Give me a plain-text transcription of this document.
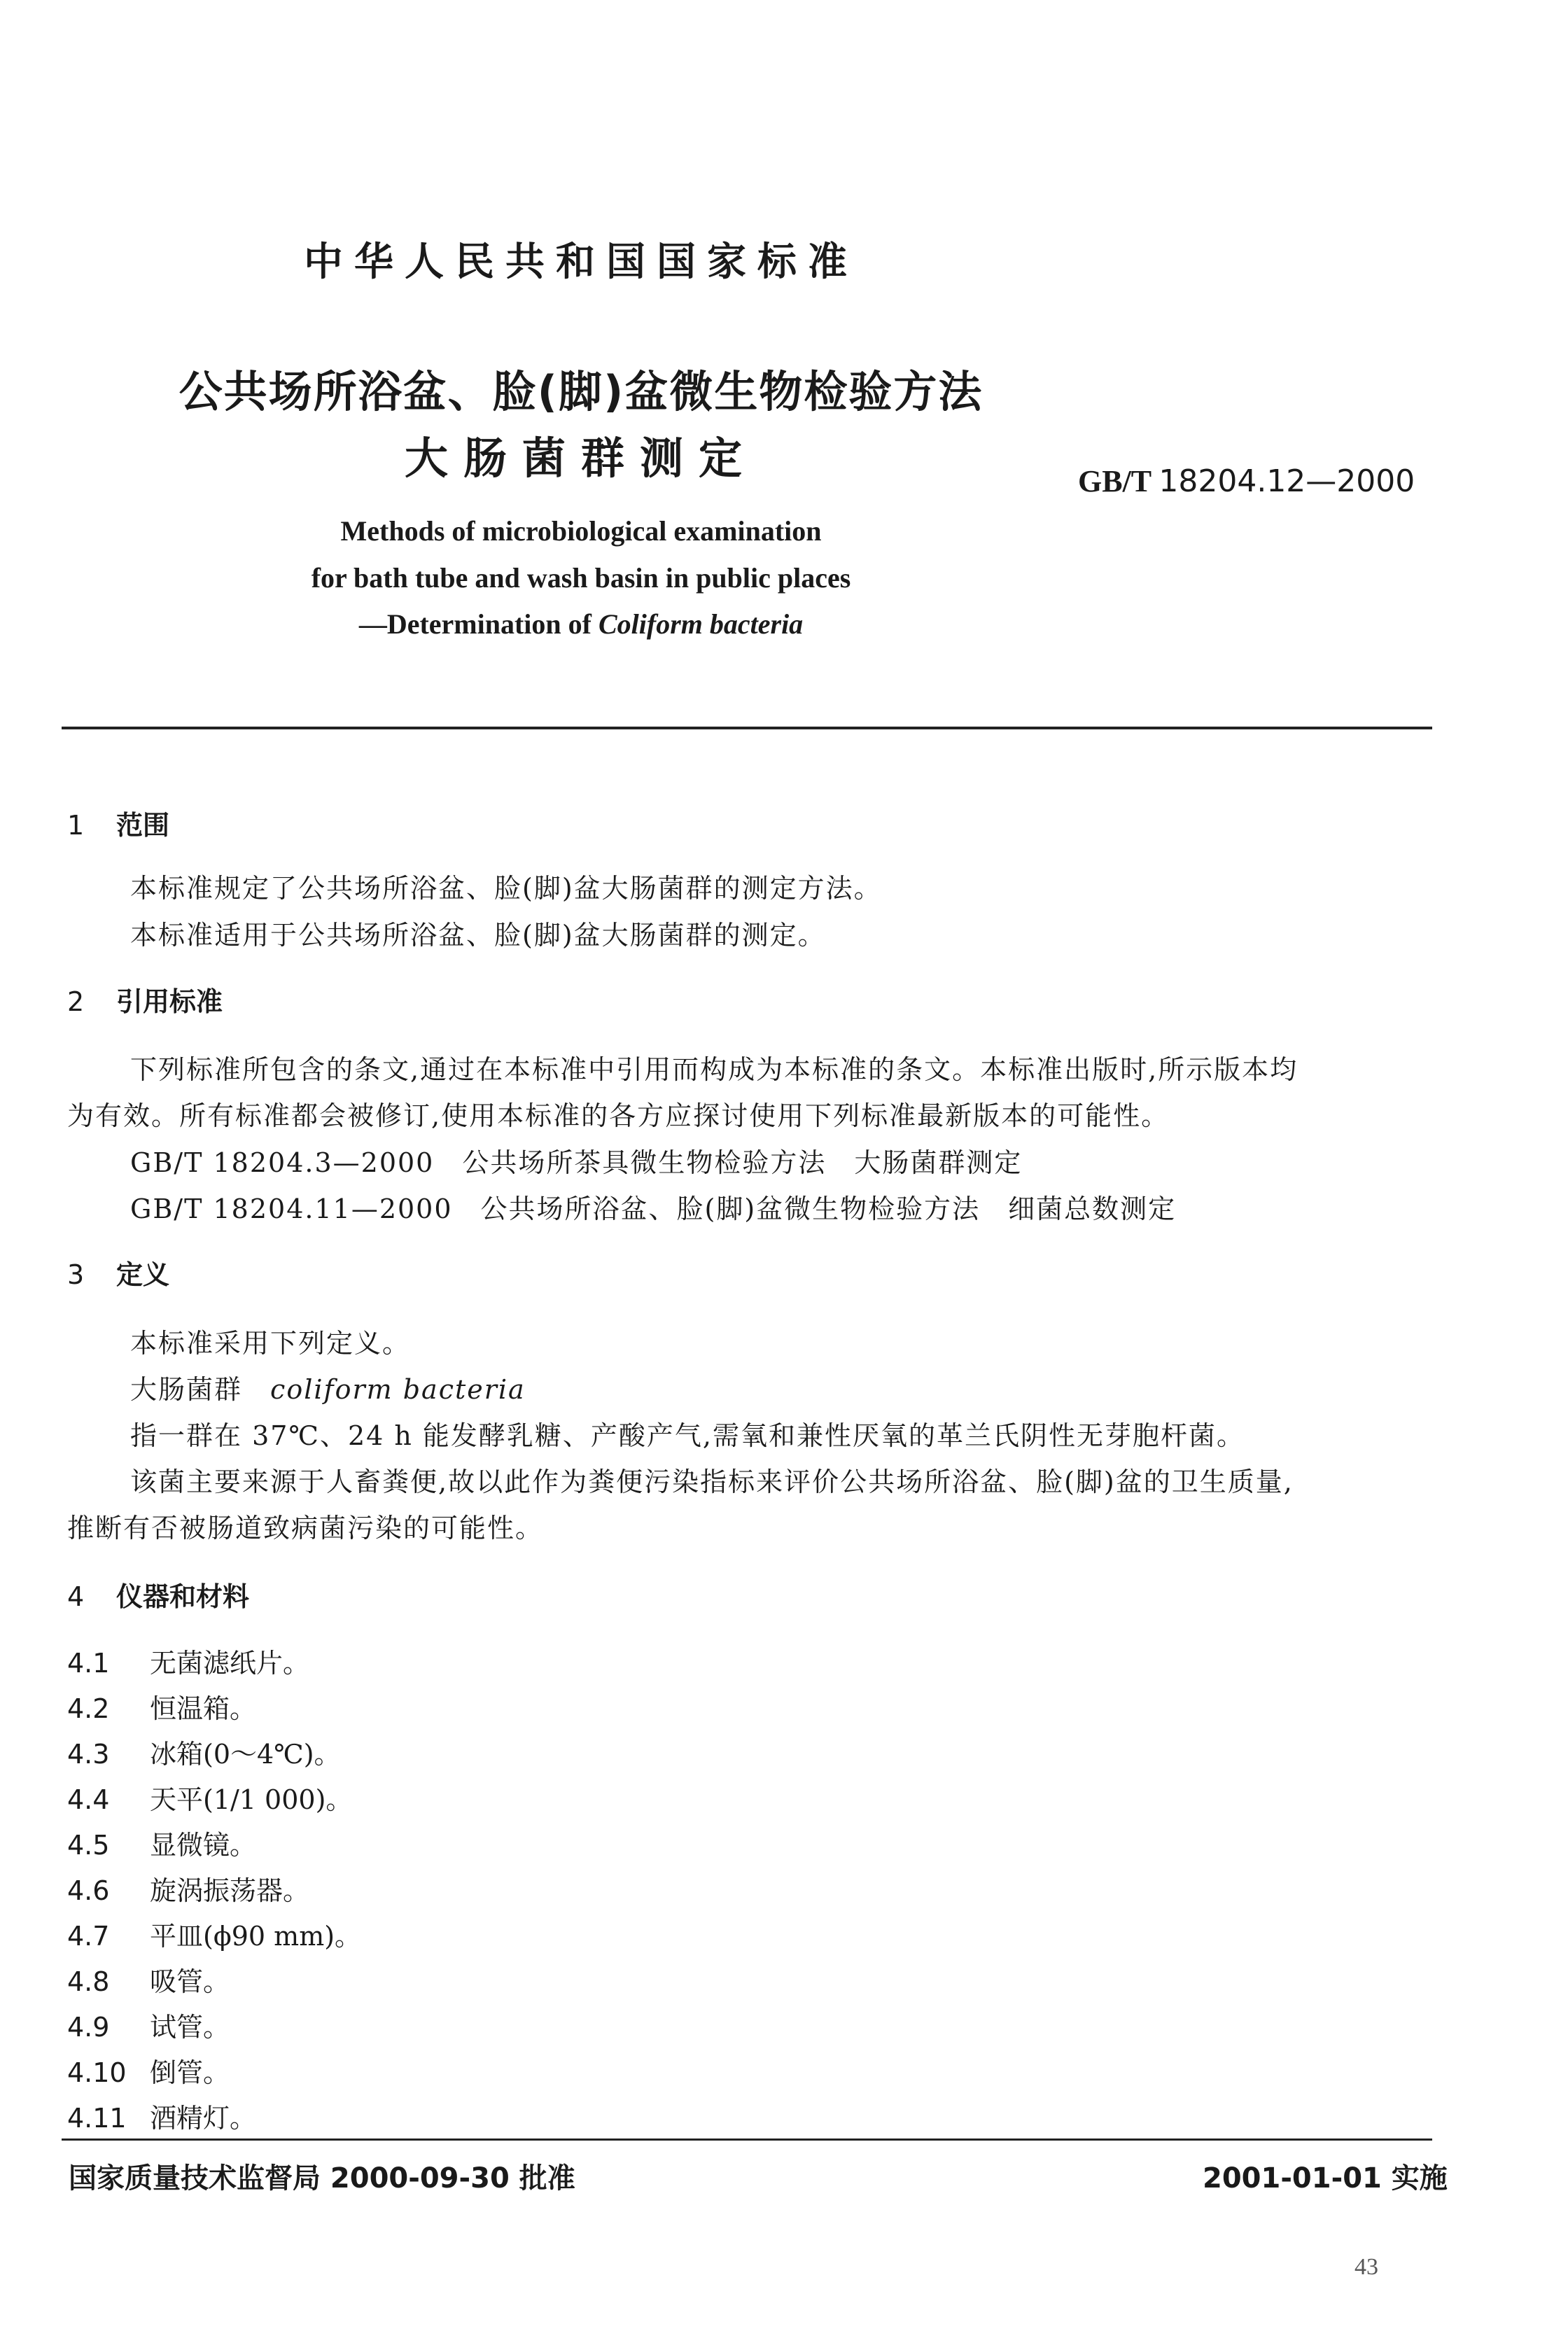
中华人民共和国国家标准
公共场所浴盆、脸(脚)盆微生物检验方法
大肠菌群测定	GB/T 18204.12—2000
Methods of microbiological examination
for bath tube and wash basin in public places
—Determination of Coliform bacteria
1 范围
本标准规定了公共场所浴盆、脸(脚)盆大肠菌群的测定方法。
本标准适用于公共场所浴盆、脸(脚)盆大肠菌群的测定。
2 引用标准
下列标准所包含的条文,通过在本标准中引用而构成为本标准的条文。本标准出版时,所示版本均
为有效。所有标准都会被修订,使用本标准的各方应探讨使用下列标准最新版本的可能性。
GB/T 18204.3—2000　公共场所茶具微生物检验方法　大肠菌群测定
GB/T 18204.11—2000　公共场所浴盆、脸(脚)盆微生物检验方法　细菌总数测定
3 定义
本标准采用下列定义。
大肠菌群　 coliform bacteria
指一群在 37℃、24 h 能发酵乳糖、产酸产气,需氧和兼性厌氧的革兰氏阴性无芽胞杆菌。
该菌主要来源于人畜粪便,故以此作为粪便污染指标来评价公共场所浴盆、脸(脚)盆的卫生质量,
推断有否被肠道致病菌污染的可能性。
4 仪器和材料
4.1 无菌滤纸片。
4.2 恒温箱。
4.3 冰箱(0～4℃)。
4.4 天平(1/1 000)。
4.5 显微镜。
4.6 旋涡振荡器。
4.7 平皿(ϕ90 mm)。
4.8 吸管。
4.9 试管。
4.10 倒管。
4.11 酒精灯。
国家质量技术监督局 2000-09-30 批准	2001-01-01 实施
43
